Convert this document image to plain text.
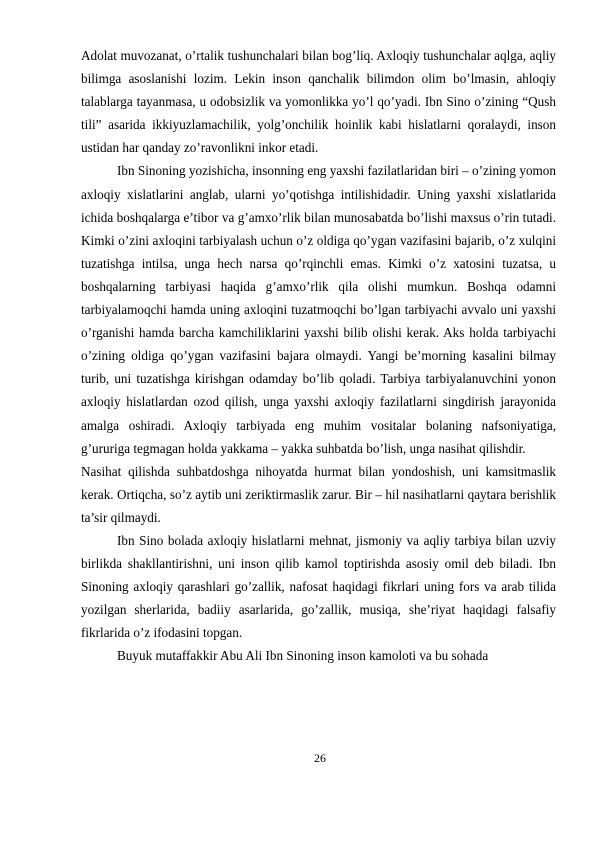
Adolat muvozanat, o’rtalik tushunchalari bilan bog’liq. Axloqiy tushunchalar aqlga, aqliy bilimga asoslanishi lozim. Lekin inson qanchalik bilimdon olim bo’lmasin, ahloqiy talablarga tayanmasa, u odobsizlik va yomonlikka yo’l qo’yadi. Ibn Sino o’zining “Qush tili” asarida ikkiyuzlamachilik, yolg’onchilik hoinlik kabi hislatlarni qoralaydi, inson ustidan har qanday zo’ravonlikni inkor etadi.

Ibn Sinoning yozishicha, insonning eng yaxshi fazilatlaridan biri – o’zining yomon axloqiy xislatlarini anglab, ularni yo’qotishga intilishidadir. Uning yaxshi xislatlarida ichida boshqalarga e’tibor va g’amxo’rlik bilan munosabatda bo’lishi maxsus o’rin tutadi. Kimki o’zini axloqini tarbiyalash uchun o’z oldiga qo’ygan vazifasini bajarib, o’z xulqini tuzatishga intilsa, unga hech narsa qo’rqinchli emas. Kimki o’z xatosini tuzatsa, u boshqalarning tarbiyasi haqida g’amxo’rlik qila olishi mumkun. Boshqa odamni tarbiyalamoqchi hamda uning axloqini tuzatmoqchi bo’lgan tarbiyachi avvalo uni yaxshi o’rganishi hamda barcha kamchiliklarini yaxshi bilib olishi kerak. Aks holda tarbiyachi o’zining oldiga qo’ygan vazifasini bajara olmaydi. Yangi be’morning kasalini bilmay turib, uni tuzatishga kirishgan odamday bo’lib qoladi. Tarbiya tarbiyalanuvchini yonon axloqiy hislatlardan ozod qilish, unga yaxshi axloqiy fazilatlarni singdirish jarayonida amalga oshiradi. Axloqiy tarbiyada eng muhim vositalar bolaning nafsoniyatiga, g’ururiga tegmagan holda yakkama – yakka suhbatda bo’lish, unga nasihat qilishdir.

Nasihat qilishda suhbatdoshga nihoyatda hurmat bilan yondoshish, uni kamsitmaslik kerak. Ortiqcha, so’z aytib uni zeriktirmaslik zarur. Bir – hil nasihatlarni qaytara berishlik ta’sir qilmaydi.

Ibn Sino bolada axloqiy hislatlarni mehnat, jismoniy va aqliy tarbiya bilan uzviy birlikda shakllantirishni, uni inson qilib kamol toptirishda asosiy omil deb biladi. Ibn Sinoning axloqiy qarashlari go’zallik, nafosat haqidagi fikrlari uning fors va arab tilida yozilgan sherlarida, badiiy asarlarida, go’zallik, musiqa, she’riyat haqidagi falsafiy fikrlarida o’z ifodasini topgan.

Buyuk mutaffakkir Abu Ali Ibn Sinoning inson kamoloti va bu sohada

26
